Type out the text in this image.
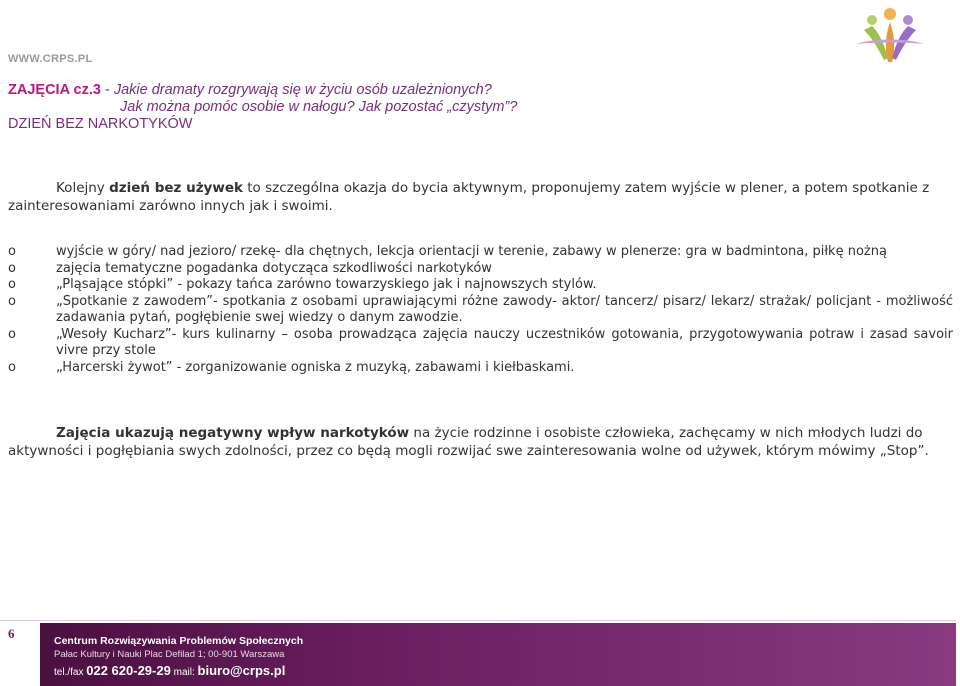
WWW.CRPS.PL
ZAJĘCIA cz.3 - Jakie dramaty rozgrywają się w życiu osób uzależnionych?
Jak można pomóc osobie w nałogu? Jak pozostać „czystym”?
DZIEŃ BEZ NARKOTYKÓW
Kolejny dzień bez używek to szczególna okazja do bycia aktywnym, proponujemy zatem wyjście w plener, a potem spotkanie z zainteresowaniami zarówno innych jak i swoimi.
o	wyjście w góry/ nad jezioro/ rzekę- dla chętnych, lekcja orientacji w terenie, zabawy w plenerze: gra w badmintona, piłkę nożną
o	zajęcia tematyczne pogadanka dotycząca szkodliwości narkotyków
o	„Pląsające stópki” - pokazy tańca zarówno towarzyskiego jak i najnowszych stylów.
o	„Spotkanie z zawodem”- spotkania z osobami uprawiającymi różne zawody- aktor/ tancerz/ pisarz/ lekarz/ strażak/ policjant - możliwość zadawania pytań, pogłębienie swej wiedzy o danym zawodzie.
o	„Wesoły Kucharz”- kurs kulinarny – osoba prowadząca zajęcia nauczy uczestników gotowania, przygotowywania potraw i zasad savoir vivre przy stole
o	„Harcerski żywot” - zorganizowanie ogniska z muzyką, zabawami i kiełbaskami.
Zajęcia ukazują negatywny wpływ narkotyków na życie rodzinne i osobiste człowieka, zachęcamy w nich młodych ludzi do aktywności i pogłębiania swych zdolności, przez co będą mogli rozwijać swe zainteresowania wolne od używek, którym mówimy „Stop”.
6	Centrum Rozwiązywania Problemów Społecznych
Pałac Kultury i Nauki Plac Defilad 1; 00-901 Warszawa
tel./fax 022 620-29-29 mail: biuro@crps.pl
